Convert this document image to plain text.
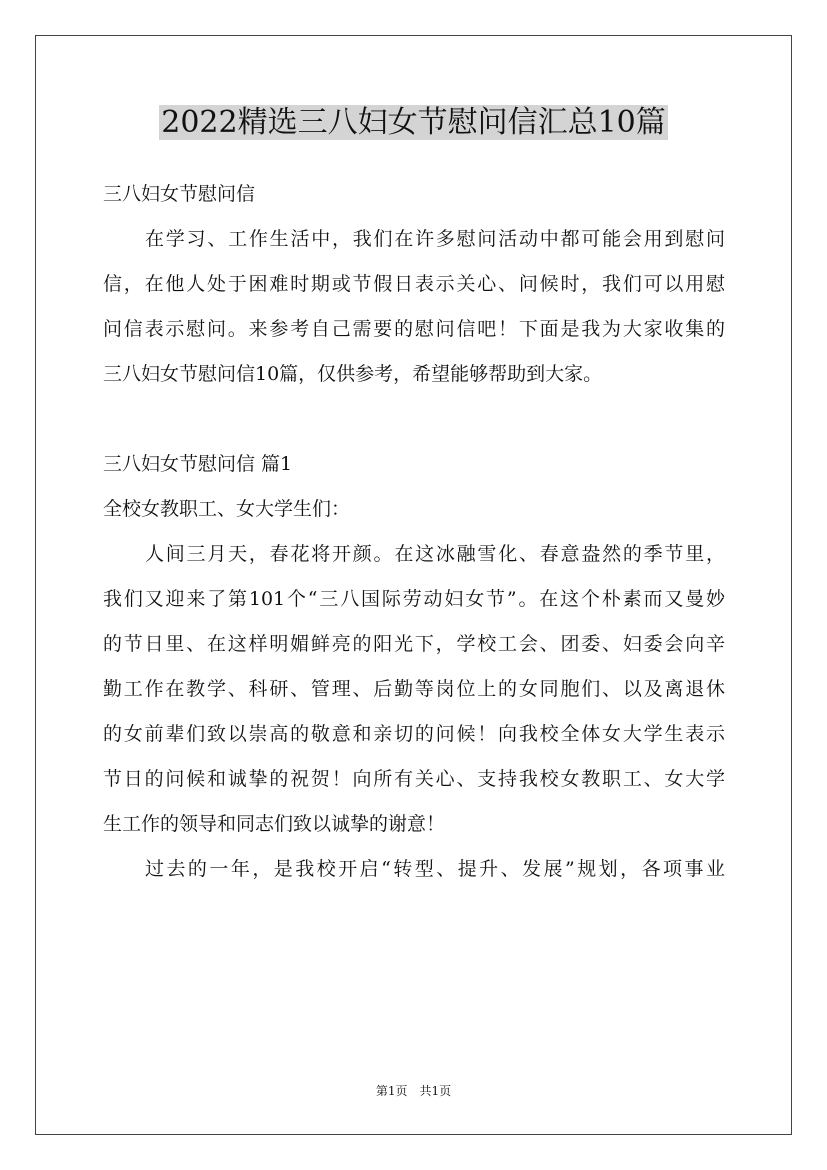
2022精选三八妇女节慰问信汇总10篇
三八妇女节慰问信
在学习、工作生活中，我们在许多慰问活动中都可能会用到慰问
信，在他人处于困难时期或节假日表示关心、问候时，我们可以用慰
问信表示慰问。来参考自己需要的慰问信吧！下面是我为大家收集的
三八妇女节慰问信10篇，仅供参考，希望能够帮助到大家。
三八妇女节慰问信 篇1
全校女教职工、女大学生们：
人间三月天，春花将开颜。在这冰融雪化、春意盎然的季节里，
我们又迎来了第101个“三八国际劳动妇女节”。在这个朴素而又曼妙
的节日里、在这样明媚鲜亮的阳光下，学校工会、团委、妇委会向辛
勤工作在教学、科研、管理、后勤等岗位上的女同胞们、以及离退休
的女前辈们致以崇高的敬意和亲切的问候！向我校全体女大学生表示
节日的问候和诚挚的祝贺！向所有关心、支持我校女教职工、女大学
生工作的领导和同志们致以诚挚的谢意！
过去的一年，是我校开启“转型、提升、发展”规划，各项事业
第1页　共1页
